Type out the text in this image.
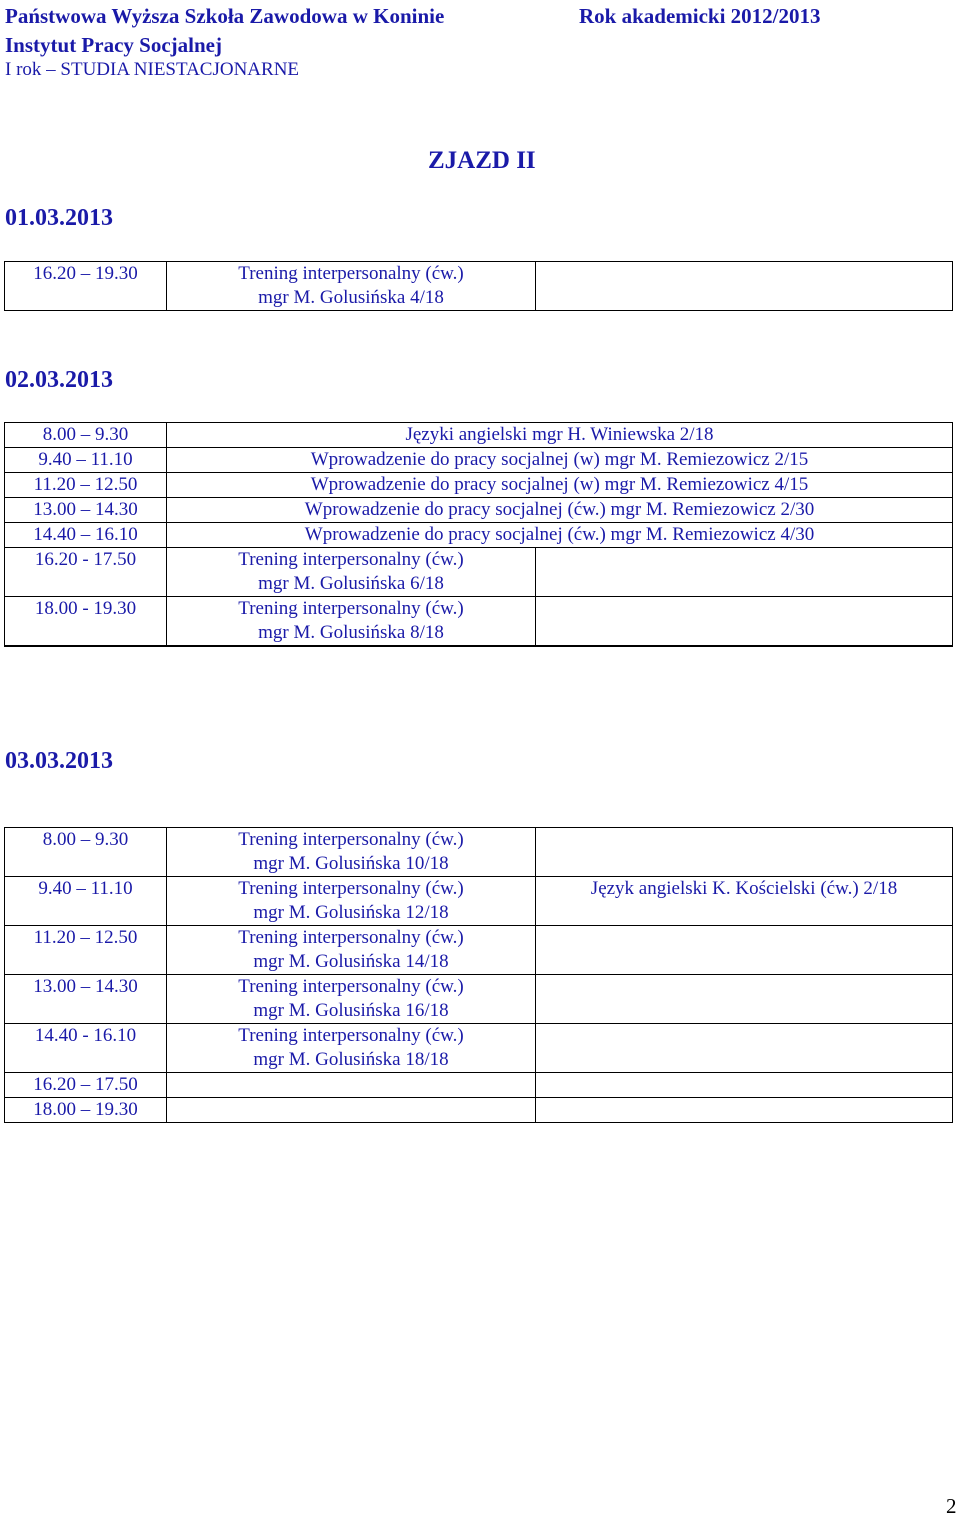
Państwowa Wyższa Szkoła Zawodowa w Koninie	Rok akademicki 2012/2013
Instytut Pracy Socjalnej
I rok – STUDIA NIESTACJONARNE
ZJAZD II
01.03.2013
16.20 – 19.30	Trening interpersonalny (ćw.)
mgr M. Golusińska 4/18

02.03.2013
8.00 – 9.30	Języki angielski mgr H. Winiewska 2/18	
9.40 – 11.10	Wprowadzenie do pracy socjalnej (w) mgr M. Remiezowicz 2/15	
11.20 – 12.50	Wprowadzenie do pracy socjalnej (w) mgr M. Remiezowicz 4/15	
13.00 – 14.30	Wprowadzenie do pracy socjalnej (ćw.) mgr M. Remiezowicz 2/30	
14.40 – 16.10	Wprowadzenie do pracy socjalnej (ćw.) mgr M. Remiezowicz 4/30	
16.20 - 17.50	Trening interpersonalny (ćw.)
mgr M. Golusińska 6/18	

18.00 - 19.30	Trening interpersonalny (ćw.)
mgr M. Golusińska 8/18	

03.03.2013
8.00 – 9.30	Trening interpersonalny (ćw.)
mgr M. Golusińska 10/18	

9.40 – 11.10	Trening interpersonalny (ćw.)
mgr M. Golusińska 12/18	Język angielski K. Kościelski (ćw.) 2/18
11.20 – 12.50	Trening interpersonalny (ćw.)
mgr M. Golusińska 14/18	

13.00 – 14.30	Trening interpersonalny (ćw.)
mgr M. Golusińska 16/18	

14.40 - 16.10	Trening interpersonalny (ćw.)
mgr M. Golusińska 18/18	

16.20 – 17.50		
18.00 – 19.30		
2
